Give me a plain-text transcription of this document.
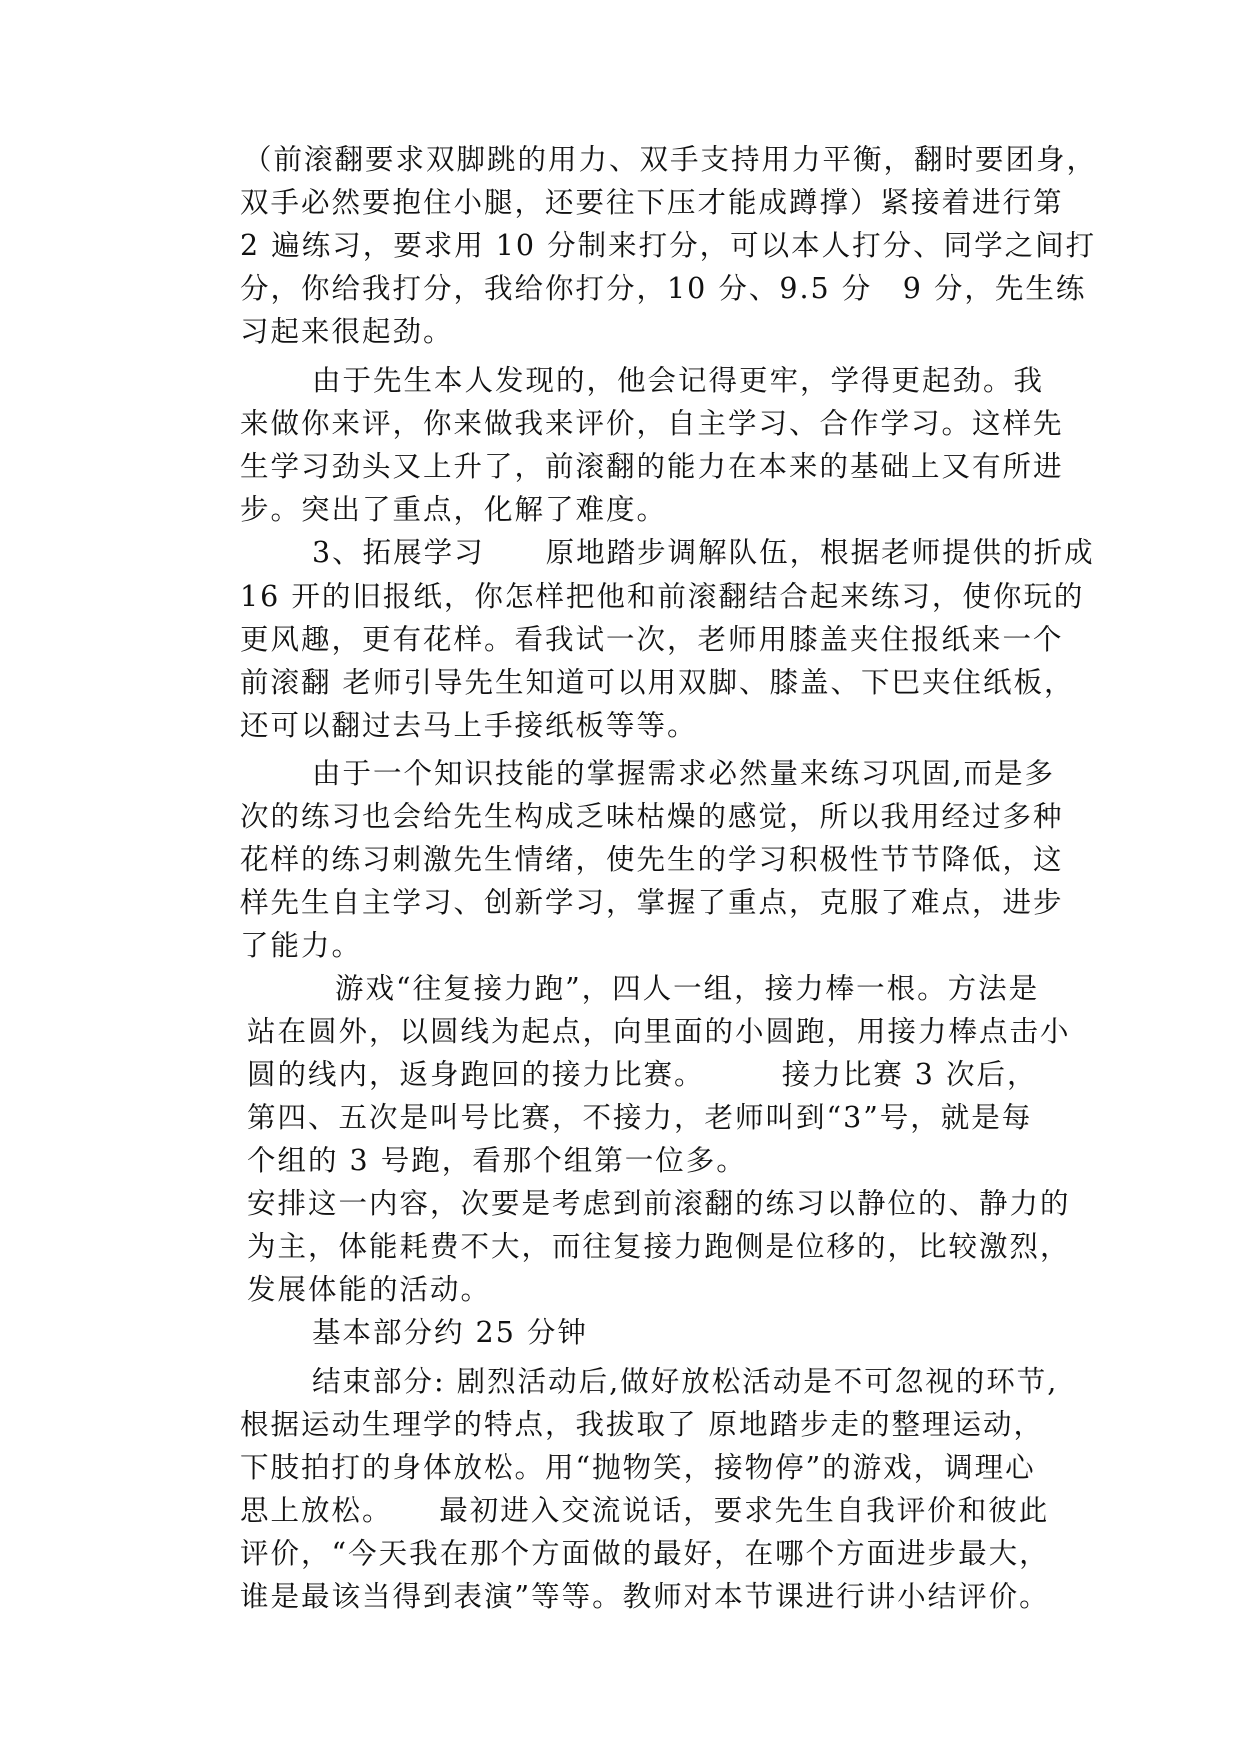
（前滚翻要求双脚跳的用力、双手支持用力平衡，翻时要团身，
双手必然要抱住小腿，还要往下压才能成蹲撑）紧接着进行第
2 遍练习，要求用 10 分制来打分，可以本人打分、同学之间打
分，你给我打分，我给你打分，10 分、9.5 分　9 分，先生练
习起来很起劲。
由于先生本人发现的，他会记得更牢，学得更起劲。我
来做你来评，你来做我来评价，自主学习、合作学习。这样先
生学习劲头又上升了，前滚翻的能力在本来的基础上又有所进
步。突出了重点，化解了难度。
3、拓展学习　　原地踏步调解队伍，根据老师提供的折成
16 开的旧报纸，你怎样把他和前滚翻结合起来练习，使你玩的
更风趣，更有花样。看我试一次，老师用膝盖夹住报纸来一个
前滚翻 老师引导先生知道可以用双脚、膝盖、下巴夹住纸板，
还可以翻过去马上手接纸板等等。
由于一个知识技能的掌握需求必然量来练习巩固,而是多
次的练习也会给先生构成乏味枯燥的感觉，所以我用经过多种
花样的练习刺激先生情绪，使先生的学习积极性节节降低，这
样先生自主学习、创新学习，掌握了重点，克服了难点，进步
了能力。
游戏“往复接力跑”，四人一组，接力棒一根。方法是
站在圆外，以圆线为起点，向里面的小圆跑，用接力棒点击小
圆的线内，返身跑回的接力比赛。　　　接力比赛 3 次后，
第四、五次是叫号比赛，不接力，老师叫到“3”号，就是每
个组的 3 号跑，看那个组第一位多。
安排这一内容，次要是考虑到前滚翻的练习以静位的、静力的
为主，体能耗费不大，而往复接力跑侧是位移的，比较激烈，
发展体能的活动。
基本部分约 25 分钟
结束部分: 剧烈活动后,做好放松活动是不可忽视的环节,
根据运动生理学的特点，我拔取了 原地踏步走的整理运动，
下肢拍打的身体放松。用“抛物笑，接物停”的游戏，调理心
思上放松。　　最初进入交流说话，要求先生自我评价和彼此
评价，“今天我在那个方面做的最好，在哪个方面进步最大，
谁是最该当得到表演”等等。教师对本节课进行讲小结评价。
